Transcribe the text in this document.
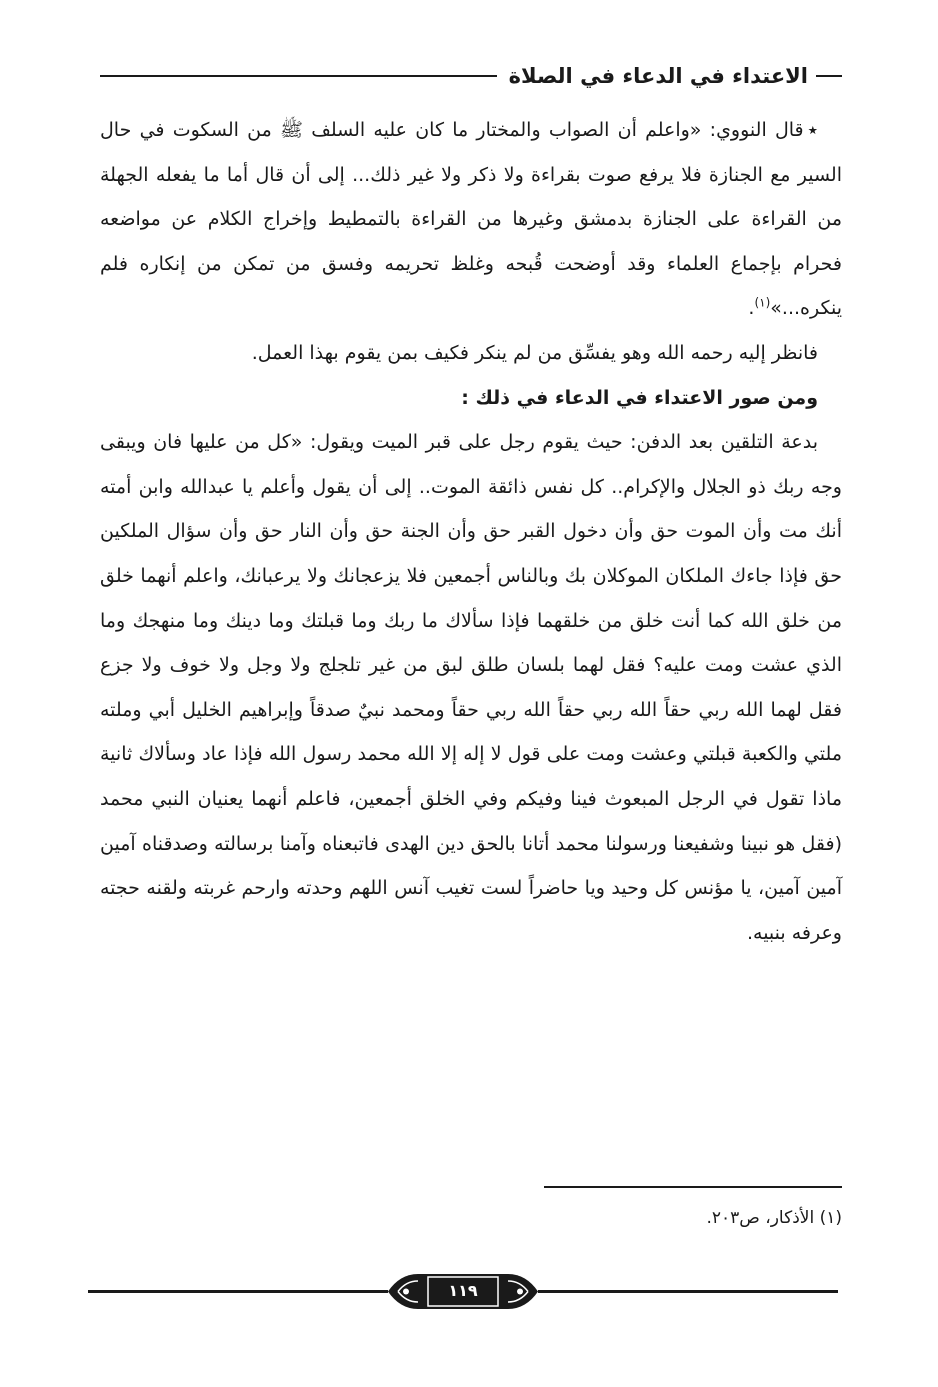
الاعتداء في الدعاء في الصلاة

٭قال النووي: «واعلم أن الصواب والمختار ما كان عليه السلف ﷺ من السكوت في حال السير مع الجنازة فلا يرفع صوت بقراءة ولا ذكر ولا غير ذلك... إلى أن قال أما ما يفعله الجهلة من القراءة على الجنازة بدمشق وغيرها من القراءة بالتمطيط وإخراج الكلام عن مواضعه فحرام بإجماع العلماء وقد أوضحت قُبحه وغلظ تحريمه وفسق من تمكن من إنكاره فلم ينكره...»$^{(١)}$.

فانظر إليه رحمه الله وهو يفسِّق من لم ينكر فكيف بمن يقوم بهذا العمل.

ومن صور الاعتداء في الدعاء في ذلك :

بدعة التلقين بعد الدفن: حيث يقوم رجل على قبر الميت ويقول: «كل من عليها فان ويبقى وجه ربك ذو الجلال والإكرام.. كل نفس ذائقة الموت.. إلى أن يقول وأعلم يا عبدالله وابن أمته أنك مت وأن الموت حق وأن دخول القبر حق وأن الجنة حق وأن النار حق وأن سؤال الملكين حق فإذا جاءك الملكان الموكلان بك وبالناس أجمعين فلا يزعجانك ولا يرعبانك، واعلم أنهما خلق من خلق الله كما أنت خلق من خلقهما فإذا سألاك ما ربك وما قبلتك وما دينك وما منهجك وما الذي عشت ومت عليه؟ فقل لهما بلسان طلق لبق من غير تلجلج ولا وجل ولا خوف ولا جزع فقل لهما الله ربي حقاً الله ربي حقاً الله ربي حقاً ومحمد نبيٌ صدقاً وإبراهيم الخليل أبي وملته ملتي والكعبة قبلتي وعشت ومت على قول لا إله إلا الله محمد رسول الله فإذا عاد وسألاك ثانية ماذا تقول في الرجل المبعوث فينا وفيكم وفي الخلق أجمعين، فاعلم أنهما يعنيان النبي محمد (فقل هو نبينا وشفيعنا ورسولنا محمد أتانا بالحق دين الهدى فاتبعناه وآمنا برسالته وصدقناه آمين آمين آمين، يا مؤنس كل وحيد ويا حاضراً لست تغيب آنس اللهم وحدته وارحم غربته ولقنه حجته وعرفه بنبيه.

(١) الأذكار، ص٢٠٣.
١١٩
